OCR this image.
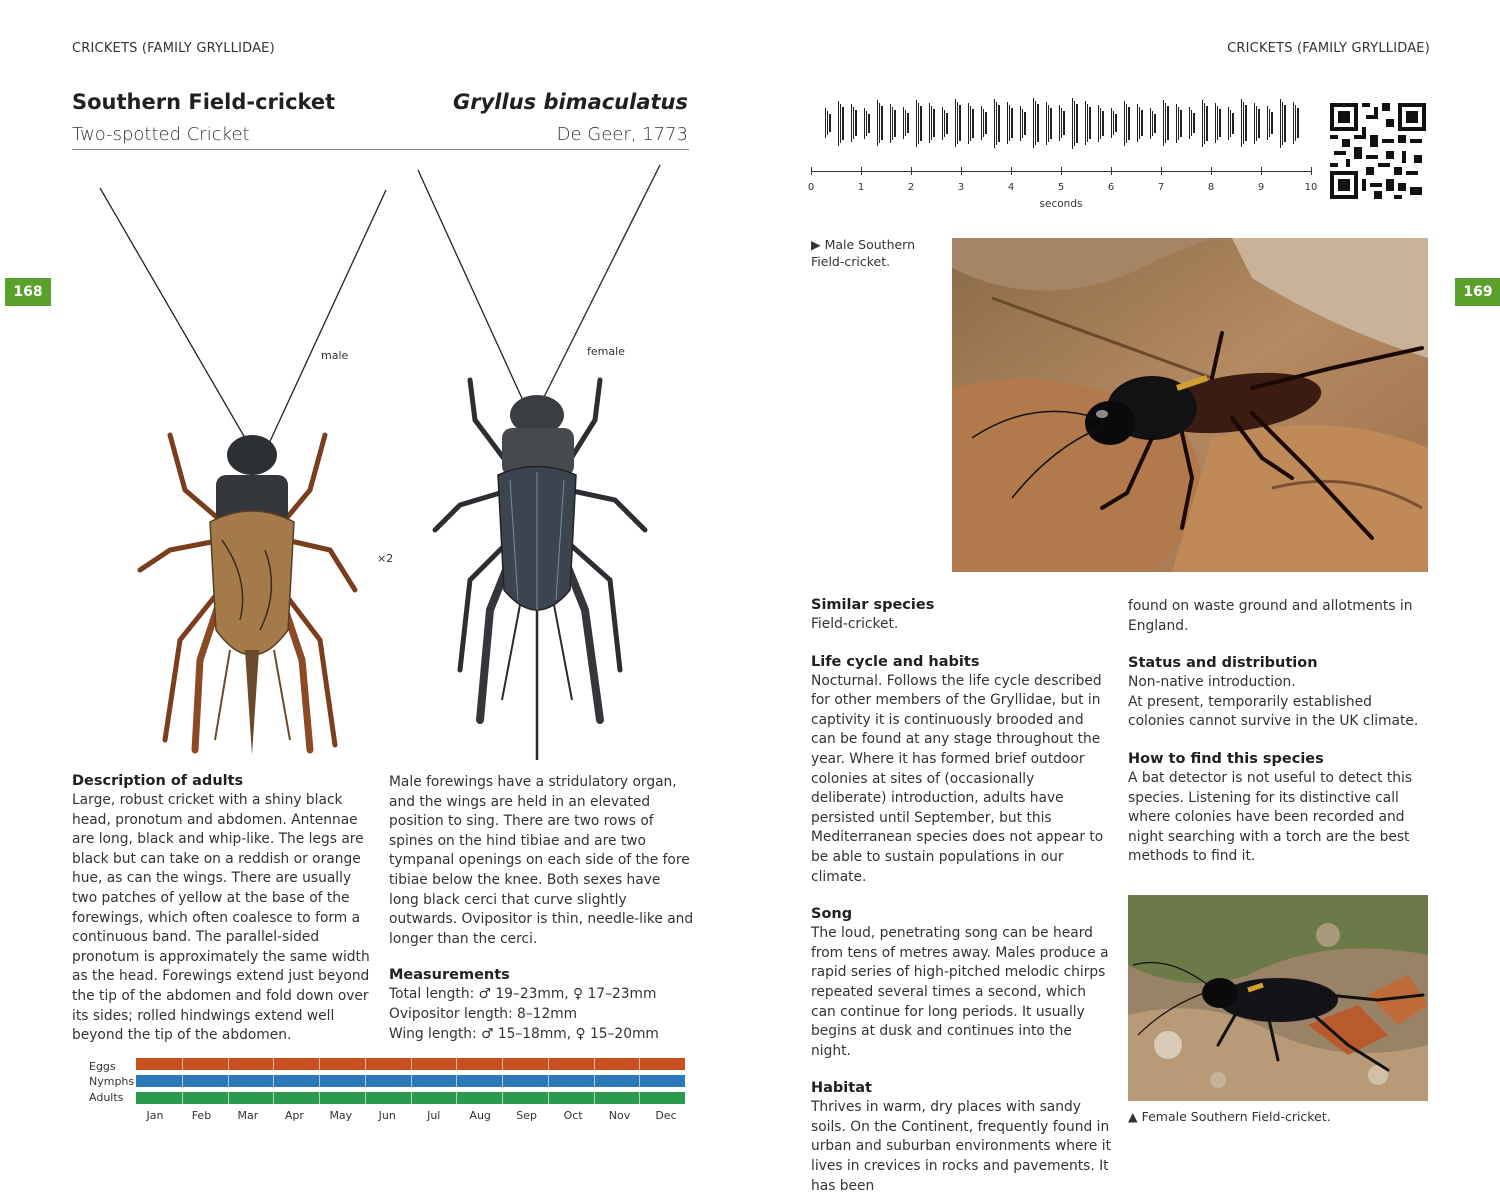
CRICKETS (FAMILY GRYLLIDAE)
168
Southern Field-cricket	Gryllus bimaculatus
Two-spotted Cricket	De Geer, 1773
male	female
×2
Description of adults

Large, robust cricket with a shiny black head, pronotum and abdomen. Antennae are long, black and whip-like. The legs are black but can take on a reddish or orange hue, as can the wings. There are usually two patches of yellow at the base of the forewings, which often coalesce to form a continuous band. The parallel-sided pronotum is approximately the same width as the head. Forewings extend just beyond the tip of the abdomen and fold down over its sides; rolled hindwings extend well beyond the tip of the abdomen.

Male forewings have a stridulatory organ, and the wings are held in an elevated position to sing. There are two rows of spines on the hind tibiae and are two tympanal openings on each side of the fore tibiae below the knee. Both sexes have long black cerci that curve slightly outwards. Ovipositor is thin, needle-like and longer than the cerci.

Measurements

Total length: ♂ 19–23mm, ♀ 17–23mm

Ovipositor length: 8–12mm

Wing length: ♂ 15–18mm, ♀ 15–20mm

Eggs
Nymphs
Adults
Jan	Feb Mar Apr May Jun	Jul	Aug Sep Oct Nov Dec
CRICKETS (FAMILY GRYLLIDAE)
169
0	1	2	3	4	5	6	7	8	9	10
seconds
▶ Male Southern Field-cricket.
Similar species

Field-cricket.

Life cycle and habits

Nocturnal. Follows the life cycle described for other members of the Gryllidae, but in captivity it is continuously brooded and can be found at any stage throughout the year. Where it has formed brief outdoor colonies at sites of (occasionally deliberate) introduction, adults have persisted until September, but this Mediterranean species does not appear to be able to sustain populations in our climate.

Song

The loud, penetrating song can be heard from tens of metres away. Males produce a rapid series of high-pitched melodic chirps repeated several times a second, which can continue for long periods. It usually begins at dusk and continues into the night.

Habitat

Thrives in warm, dry places with sandy soils. On the Continent, frequently found in urban and suburban environments where it lives in crevices in rocks and pavements. It has been

found on waste ground and allotments in England.

Status and distribution

Non-native introduction.

At present, temporarily established colonies cannot survive in the UK climate.

How to find this species

A bat detector is not useful to detect this species. Listening for its distinctive call where colonies have been recorded and night searching with a torch are the best methods to find it.

▲ Female Southern Field-cricket.
